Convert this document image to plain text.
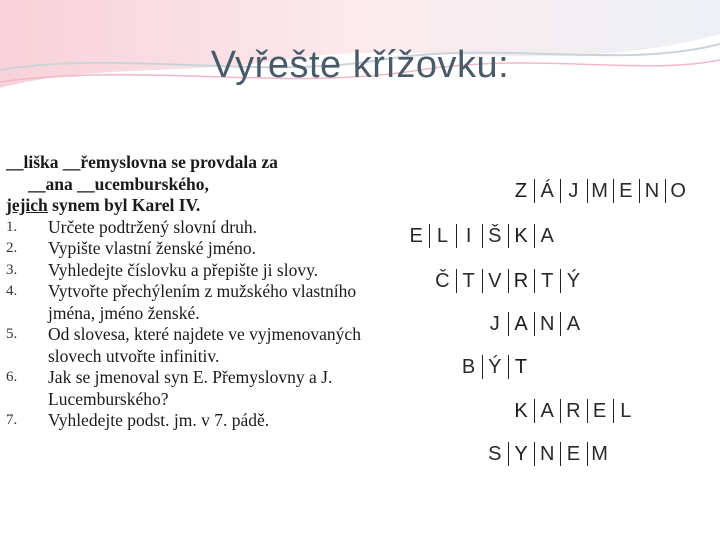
Vyřešte křížovku:

__liška __řemyslovna se provdala za
__ana __ucemburského,
jejich synem byl Karel IV.

1.	Určete podtržený slovní druh.
2.	Vypište vlastní ženské jméno.
3.	Vyhledejte číslovku a přepište ji slovy.
4.	Vytvořte přechýlením z mužského vlastního jména, jméno ženské.
5.	Od slovesa, které najdete ve vyjmenovaných slovech utvořte infinitiv.
6.	Jak se jmenoval syn E. Přemyslovny a J. Lucemburského?
7.	Vyhledejte podst. jm. v 7. pádě.
Z Á J M E N O
E L I Š K A
Č T V R T Ý
J A N A
B Ý T
K A R E L
S Y N E M
